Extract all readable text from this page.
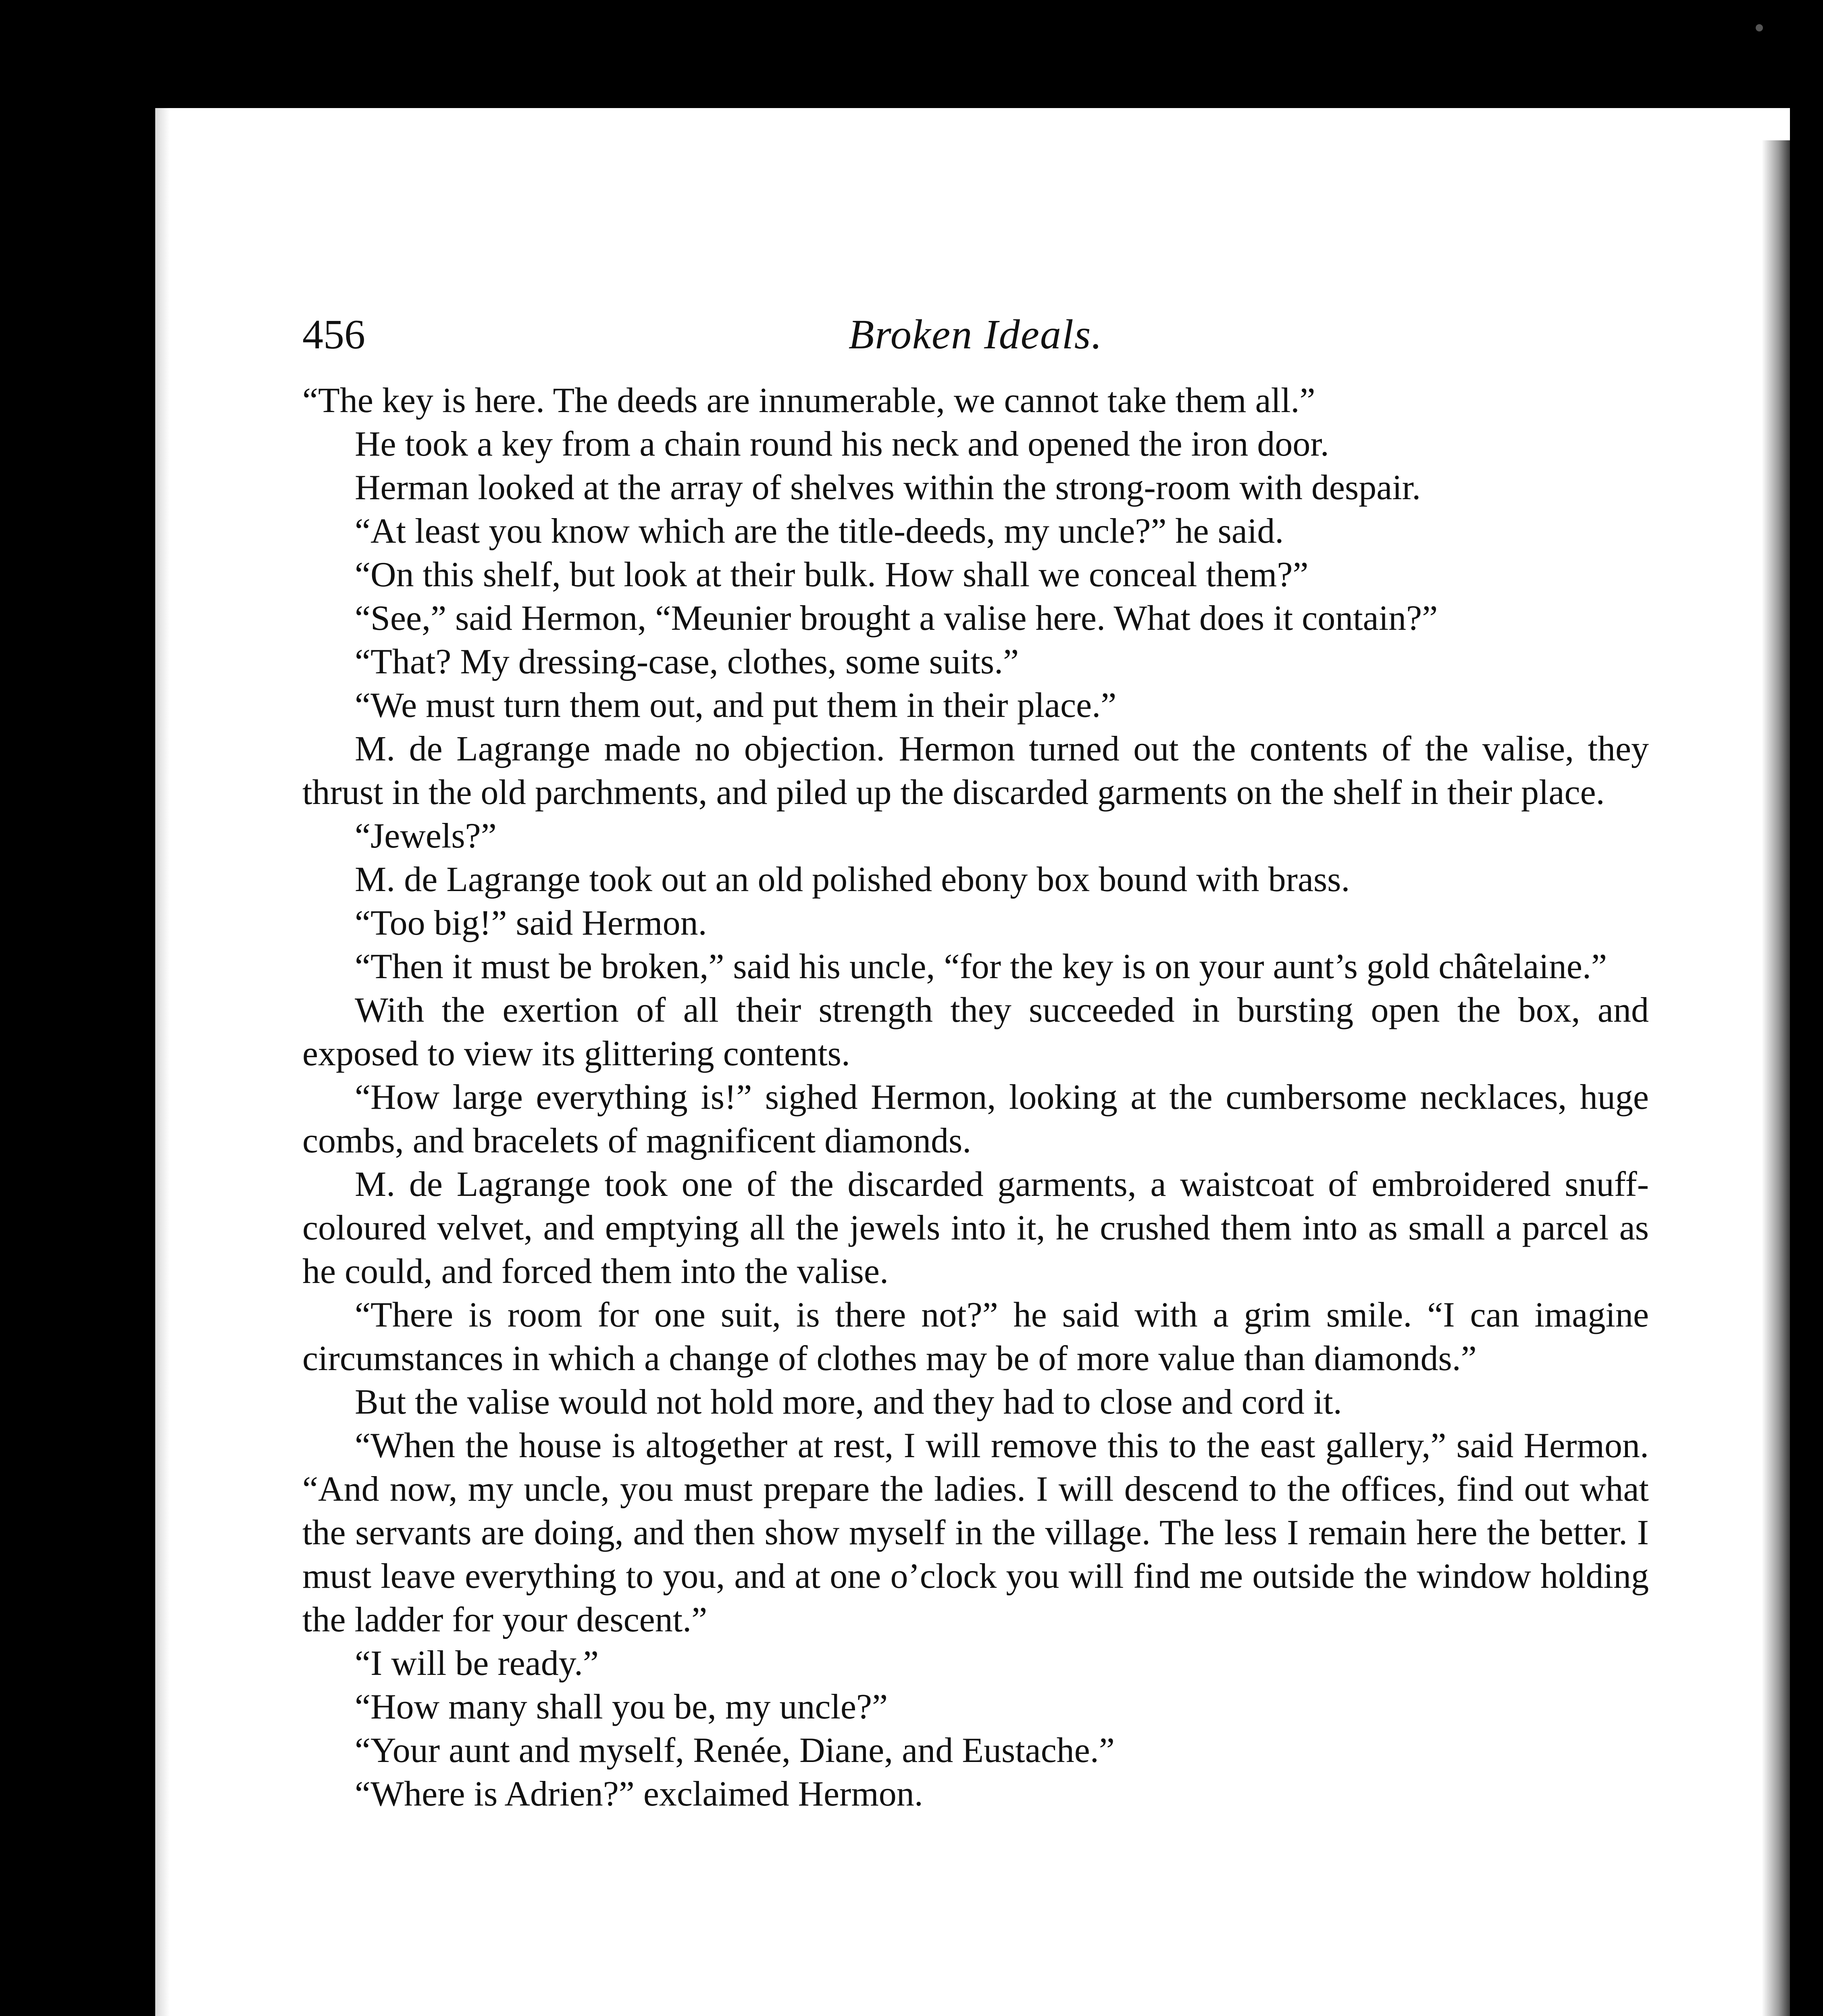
456	Broken Ideals.

“The key is here. The deeds are innumerable, we cannot take them all.”

He took a key from a chain round his neck and opened the iron door.

Herman looked at the array of shelves within the strong-room with despair.

“At least you know which are the title-deeds, my uncle?” he said.

“On this shelf, but look at their bulk. How shall we conceal them?”

“See,” said Hermon, “Meunier brought a valise here. What does it contain?”

“That? My dressing-case, clothes, some suits.”

“We must turn them out, and put them in their place.”

M. de Lagrange made no objection. Hermon turned out the contents of the valise, they thrust in the old parchments, and piled up the discarded garments on the shelf in their place.

“Jewels?”

M. de Lagrange took out an old polished ebony box bound with brass.

“Too big!” said Hermon.

“Then it must be broken,” said his uncle, “for the key is on your aunt’s gold châtelaine.”

With the exertion of all their strength they succeeded in bursting open the box, and exposed to view its glittering contents.

“How large everything is!” sighed Hermon, looking at the cumbersome necklaces, huge combs, and bracelets of magnificent diamonds.

M. de Lagrange took one of the discarded garments, a waistcoat of embroidered snuff-coloured velvet, and emptying all the jewels into it, he crushed them into as small a parcel as he could, and forced them into the valise.

“There is room for one suit, is there not?” he said with a grim smile. “I can imagine circumstances in which a change of clothes may be of more value than diamonds.”

But the valise would not hold more, and they had to close and cord it.

“When the house is altogether at rest, I will remove this to the east gallery,” said Hermon. “And now, my uncle, you must prepare the ladies. I will descend to the offices, find out what the servants are doing, and then show myself in the village. The less I remain here the better. I must leave everything to you, and at one o’clock you will find me outside the window holding the ladder for your descent.”

“I will be ready.”

“How many shall you be, my uncle?”

“Your aunt and myself, Renée, Diane, and Eustache.”

“Where is Adrien?” exclaimed Hermon.
